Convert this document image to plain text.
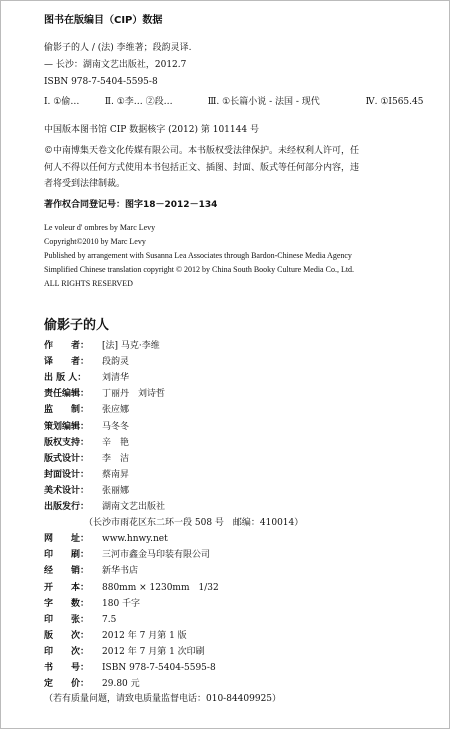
图书在版编目（CIP）数据
偷影子的人 / (法) 李维著；段韵灵译.
— 长沙：湖南文艺出版社，2012.7
ISBN 978-7-5404-5595-8
Ⅰ. ①偷…	Ⅱ. ①李… ②段…	Ⅲ. ①长篇小说 - 法国 - 现代	Ⅳ. ①I565.45
中国版本图书馆 CIP 数据核字 (2012) 第 101144 号
©中南博集天卷文化传媒有限公司。本书版权受法律保护。未经权利人许可，任
何人不得以任何方式使用本书包括正文、插图、封面、版式等任何部分内容，违
者将受到法律制裁。
著作权合同登记号：图字18－2012－134
Le voleur d' ombres by Marc Levy
Copyright©2010 by Marc Levy
Published by arrangement with Susanna Lea Associates through Bardon-Chinese Media Agency
Simplified Chinese translation copyright © 2012 by China South Booky Culture Media Co., Ltd.
ALL RIGHTS RESERVED
偷影子的人
作　　者： [法] 马克·李维
译　　者： 段韵灵
出 版 人： 刘清华
责任编辑： 丁丽丹　刘诗哲
监　　制： 张应娜
策划编辑： 马冬冬
版权支持： 辛　艳
版式设计： 李　洁
封面设计： 蔡南昇
美术设计： 张丽娜
出版发行： 湖南文艺出版社
（长沙市雨花区东二环一段 508 号　邮编：410014）
网　　址： www.hnwy.net
印　　刷： 三河市鑫金马印装有限公司
经　　销： 新华书店
开　　本： 880mm × 1230mm　1/32
字　　数： 180 千字
印　　张： 7.5
版　　次： 2012 年 7 月第 1 版
印　　次： 2012 年 7 月第 1 次印刷
书　　号： ISBN 978-7-5404-5595-8
定　　价： 29.80 元
（若有质量问题，请致电质量监督电话：010-84409925）
